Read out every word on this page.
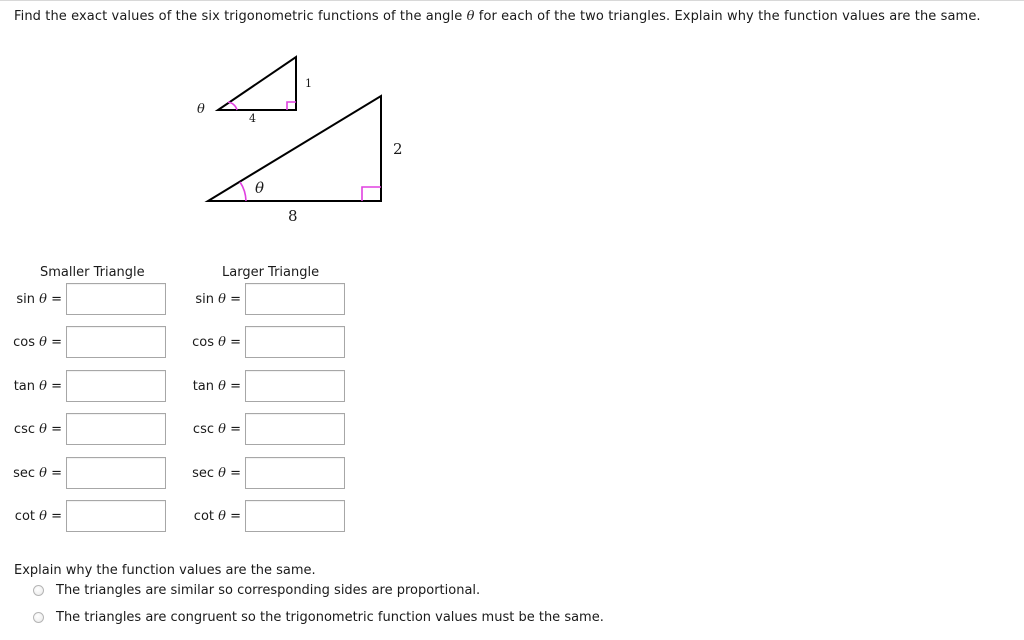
Find the exact values of the six trigonometric functions of the angle θ for each of the two triangles. Explain why the function values are the same.
θ
4
1
θ
8
2
Smaller Triangle	Larger Triangle
sin θ =
cos θ =
tan θ =
csc θ =
sec θ =
cot θ =
sin θ =
cos θ =
tan θ =
csc θ =
sec θ =
cot θ =
Explain why the function values are the same.
The triangles are similar so corresponding sides are proportional.
The triangles are congruent so the trigonometric function values must be the same.
